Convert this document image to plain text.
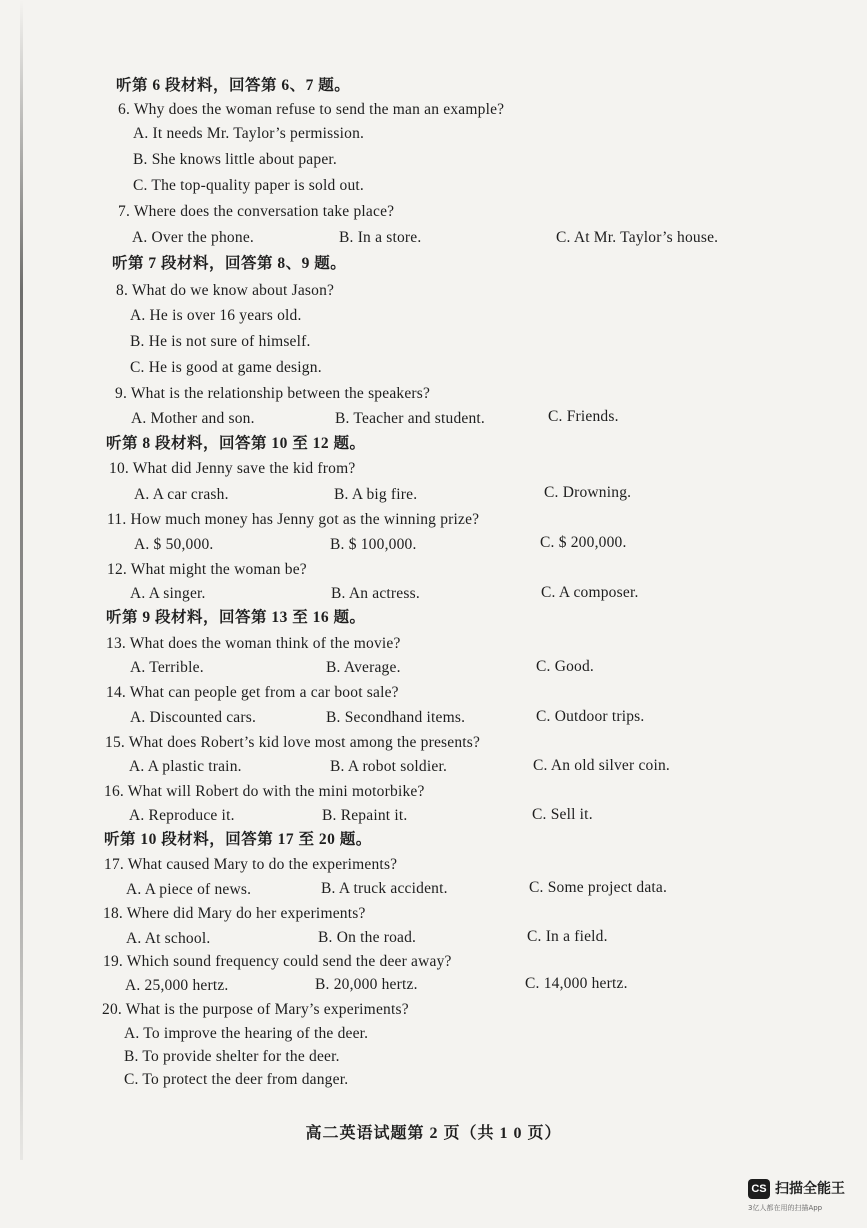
听第 6 段材料，回答第 6、7 题。
6. Why does the woman refuse to send the man an example?
A. It needs Mr. Taylor’s permission.
B. She knows little about paper.
C. The top-quality paper is sold out.
7. Where does the conversation take place?
A. Over the phone.	B. In a store.	C. At Mr. Taylor’s house.
听第 7 段材料，回答第 8、9 题。
8. What do we know about Jason?
A. He is over 16 years old.
B. He is not sure of himself.
C. He is good at game design.
9. What is the relationship between the speakers?
A. Mother and son.	B. Teacher and student.	C. Friends.
听第 8 段材料，回答第 10 至 12 题。
10. What did Jenny save the kid from?
A. A car crash.	B. A big fire.	C. Drowning.
11. How much money has Jenny got as the winning prize?
A. $ 50,000.	B. $ 100,000.	C. $ 200,000.
12. What might the woman be?
A. A singer.	B. An actress.	C. A composer.
听第 9 段材料，回答第 13 至 16 题。
13. What does the woman think of the movie?
A. Terrible.	B. Average.	C. Good.
14. What can people get from a car boot sale?
A. Discounted cars.	B. Secondhand items.	C. Outdoor trips.
15. What does Robert’s kid love most among the presents?
A. A plastic train.	B. A robot soldier.	C. An old silver coin.
16. What will Robert do with the mini motorbike?
A. Reproduce it.	B. Repaint it.	C. Sell it.
听第 10 段材料，回答第 17 至 20 题。
17. What caused Mary to do the experiments?
A. A piece of news.	B. A truck accident.	C. Some project data.
18. Where did Mary do her experiments?
A. At school.	B. On the road.	C. In a field.
19. Which sound frequency could send the deer away?
A. 25,000 hertz.	B. 20,000 hertz.	C. 14,000 hertz.
20. What is the purpose of Mary’s experiments?
A. To improve the hearing of the deer.
B. To provide shelter for the deer.
C. To protect the deer from danger.
高二英语试题第 2 页（共 1 0 页）
CS 扫描全能王
3亿人都在用的扫描App
